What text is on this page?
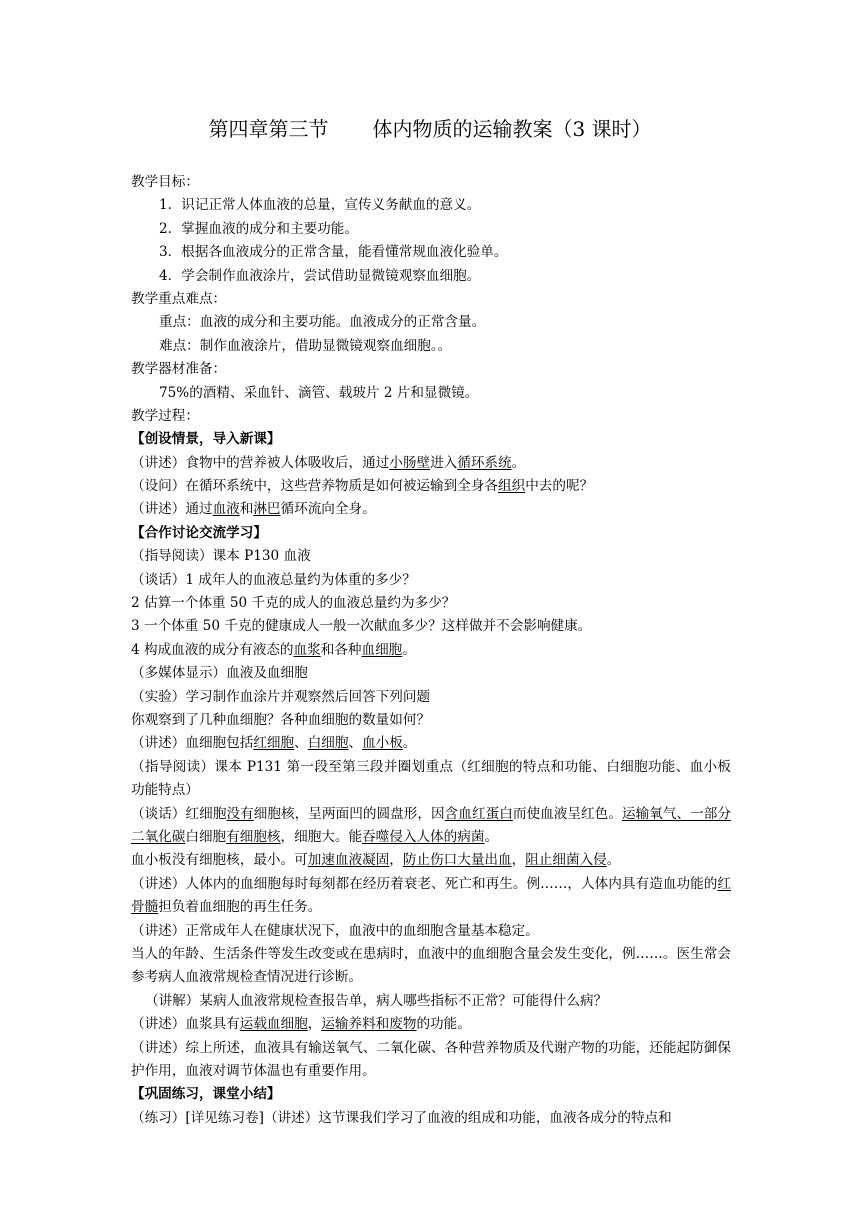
第四章第三节 体内物质的运输教案（3 课时）
教学目标：
1．识记正常人体血液的总量，宣传义务献血的意义。
2．掌握血液的成分和主要功能。
3．根据各血液成分的正常含量，能看懂常规血液化验单。
4．学会制作血液涂片，尝试借助显微镜观察血细胞。
教学重点难点：
重点：血液的成分和主要功能。血液成分的正常含量。
难点：制作血液涂片，借助显微镜观察血细胞。。
教学器材准备：
75%的酒精、采血针、滴管、载玻片 2 片和显微镜。
教学过程：
【创设情景，导入新课】
（讲述）食物中的营养被人体吸收后，通过小肠壁进入循环系统。
（设问）在循环系统中，这些营养物质是如何被运输到全身各组织中去的呢？
（讲述）通过血液和淋巴循环流向全身。
【合作讨论交流学习】
（指导阅读）课本 P130 血液
（谈话）1 成年人的血液总量约为体重的多少？
2 估算一个体重 50 千克的成人的血液总量约为多少？
3 一个体重 50 千克的健康成人一般一次献血多少？这样做并不会影响健康。
4 构成血液的成分有液态的血浆和各种血细胞。
（多媒体显示）血液及血细胞
（实验）学习制作血涂片并观察然后回答下列问题
你观察到了几种血细胞？各种血细胞的数量如何？
（讲述）血细胞包括红细胞、白细胞、血小板。
（指导阅读）课本 P131 第一段至第三段并圈划重点（红细胞的特点和功能、白细胞功能、血小板功能特点）
（谈话）红细胞没有细胞核，呈两面凹的圆盘形，因含血红蛋白而使血液呈红色。运输氧气、一部分二氧化碳白细胞有细胞核，细胞大。能吞噬侵入人体的病菌。
血小板没有细胞核，最小。可加速血液凝固，防止伤口大量出血，阻止细菌入侵。
（讲述）人体内的血细胞每时每刻都在经历着衰老、死亡和再生。例……，人体内具有造血功能的红骨髓担负着血细胞的再生任务。
（讲述）正常成年人在健康状况下，血液中的血细胞含量基本稳定。
当人的年龄、生活条件等发生改变或在患病时，血液中的血细胞含量会发生变化，例……。医生常会参考病人血液常规检查情况进行诊断。
（讲解）某病人血液常规检查报告单，病人哪些指标不正常？可能得什么病？
（讲述）血浆具有运载血细胞，运输养料和废物的功能。
（讲述）综上所述，血液具有输送氧气、二氧化碳、各种营养物质及代谢产物的功能，还能起防御保护作用，血液对调节体温也有重要作用。
【巩固练习，课堂小结】
（练习）[详见练习卷]（讲述）这节课我们学习了血液的组成和功能，血液各成分的特点和
